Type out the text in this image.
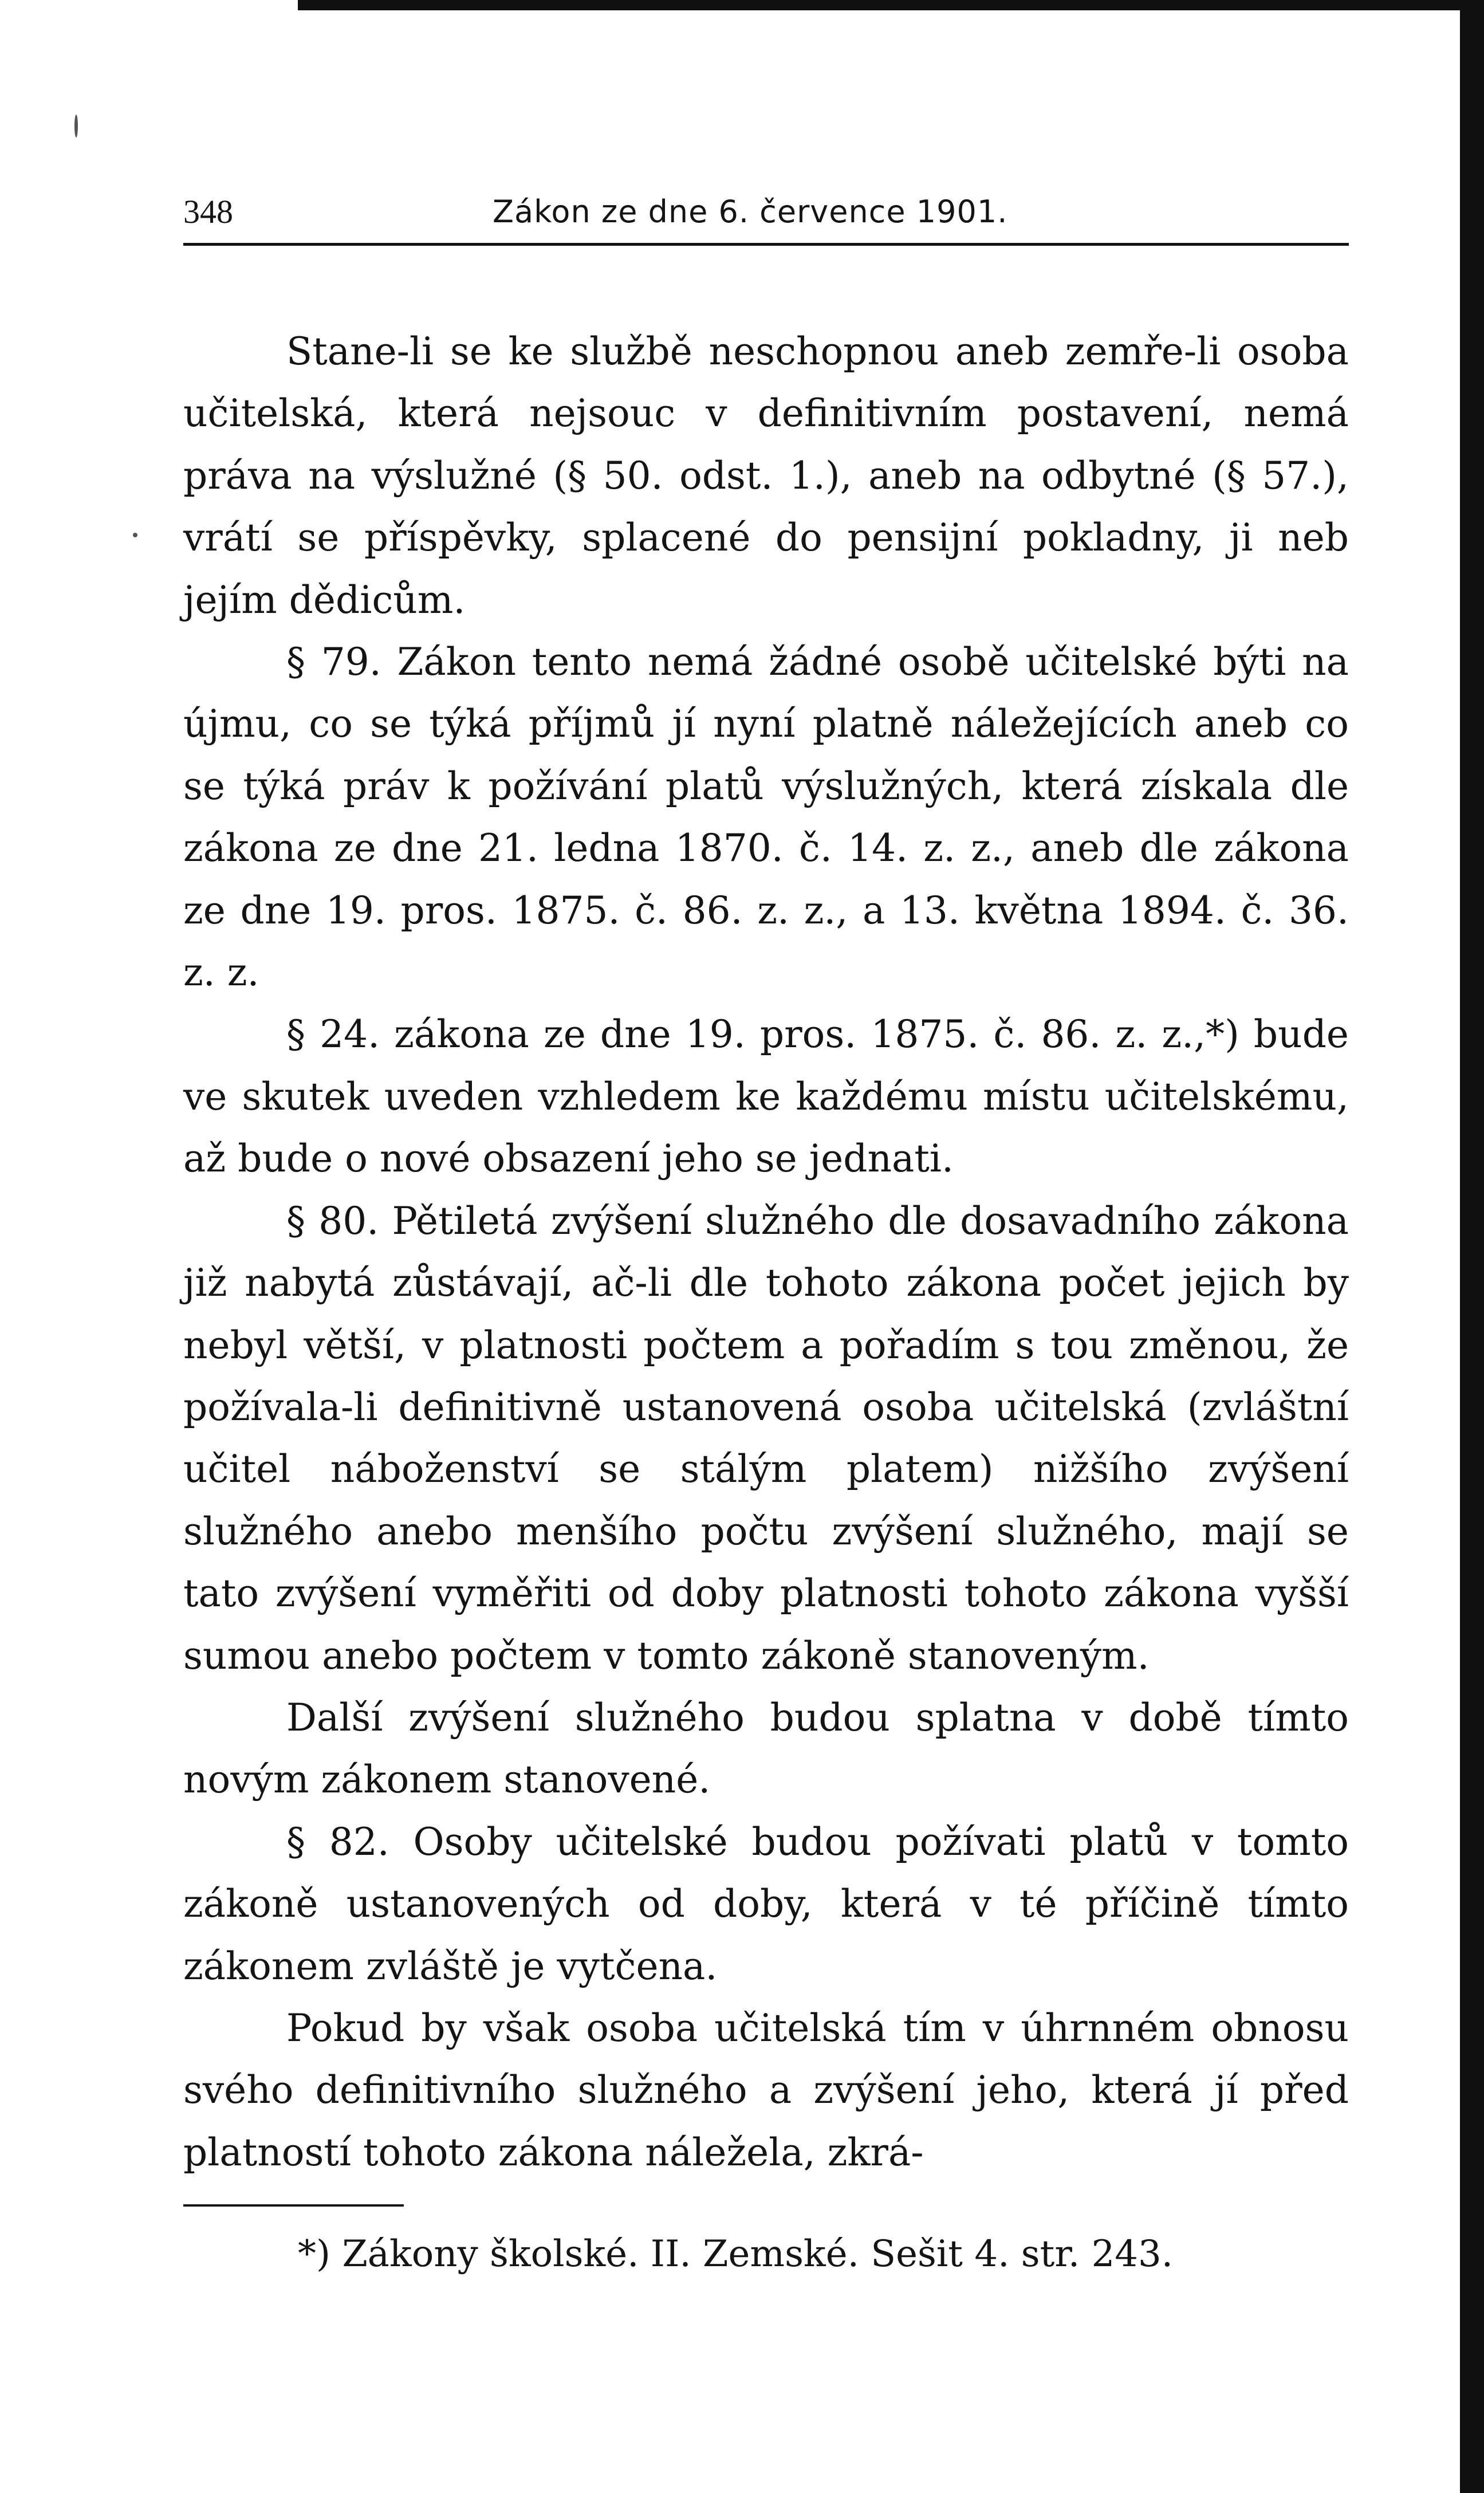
348	Zákon ze dne 6. července 1901.

Stane-li se ke službě neschopnou aneb zemře-li osoba učitelská, která nejsouc v definitivním postavení, nemá práva na výslužné (§ 50. odst. 1.), aneb na odbytné (§ 57.), vrátí se příspěvky, splacené do pensijní pokladny, ji neb jejím dědicům.

§ 79. Zákon tento nemá žádné osobě učitelské býti na újmu, co se týká příjmů jí nyní platně náležejících aneb co se týká práv k požívání platů výslužných, která získala dle zákona ze dne 21. ledna 1870. č. 14. z. z., aneb dle zákona ze dne 19. pros. 1875. č. 86. z. z., a 13. května 1894. č. 36. z. z.

§ 24. zákona ze dne 19. pros. 1875. č. 86. z. z.,*) bude ve skutek uveden vzhledem ke každému místu učitelskému, až bude o nové obsazení jeho se jednati.

§ 80. Pětiletá zvýšení služného dle dosavadního zákona již nabytá zůstávají, ač-li dle tohoto zákona počet jejich by nebyl větší, v platnosti počtem a pořadím s tou změnou, že požívala-li definitivně ustanovená osoba učitelská (zvláštní učitel náboženství se stálým platem) nižšího zvýšení služného anebo menšího počtu zvýšení služného, mají se tato zvýšení vyměřiti od doby platnosti tohoto zákona vyšší sumou anebo počtem v tomto zákoně stanoveným.

Další zvýšení služného budou splatna v době tímto novým zákonem stanovené.

§ 82. Osoby učitelské budou požívati platů v tomto zákoně ustanovených od doby, která v té příčině tímto zákonem zvláště je vytčena.

Pokud by však osoba učitelská tím v úhrnném obnosu svého definitivního služného a zvýšení jeho, která jí před platností tohoto zákona náležela, zkrá-

*) Zákony školské. II. Zemské. Sešit 4. str. 243.
